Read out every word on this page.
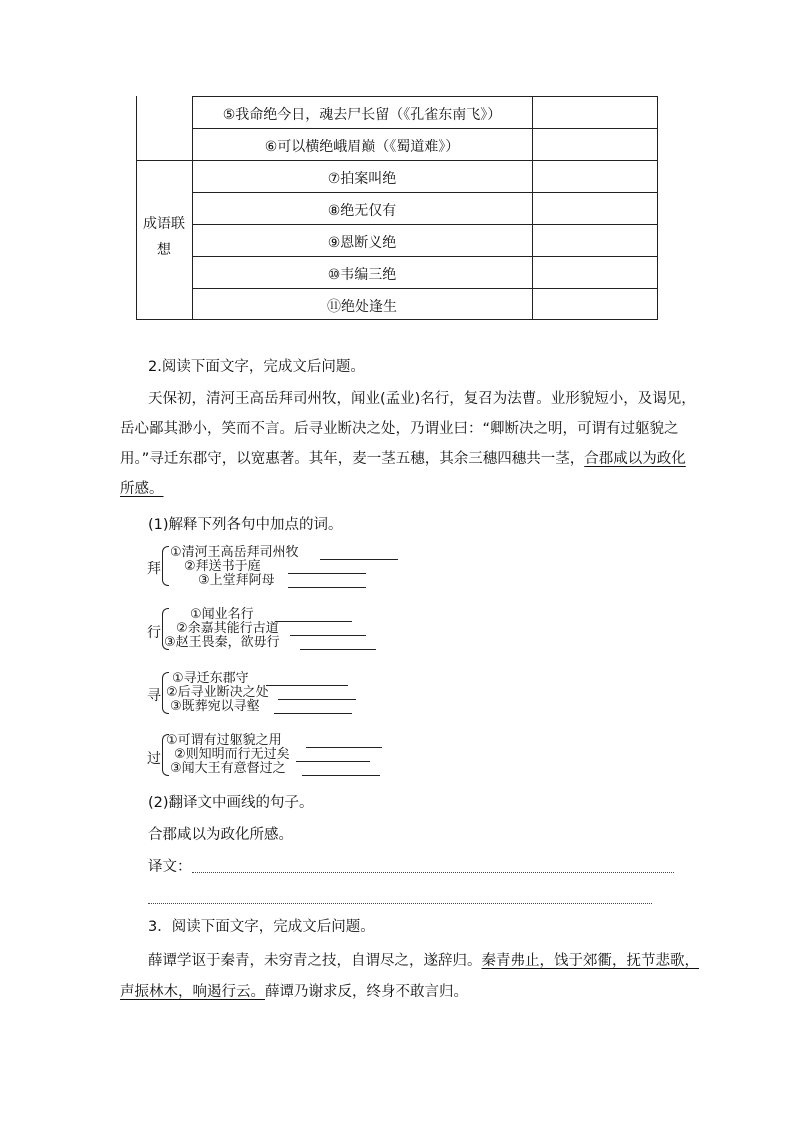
⑤我命绝今日，魂去尸长留（《孔雀东南飞》）
⑥可以横绝峨眉巅（《蜀道难》）
成语联
想
⑦拍案叫绝
⑧绝无仅有
⑨恩断义绝
⑩韦编三绝
⑪绝处逢生
2.阅读下面文字，完成文后问题。
天保初，清河王高岳拜司州牧，闻业(孟业)名行，复召为法曹。业形貌短小，及谒见，
岳心鄙其渺小，笑而不言。后寻业断决之处，乃谓业曰：“卿断决之明，可谓有过躯貌之
用。”寻迁东郡守，以宽惠著。其年，麦一茎五穗，其余三穗四穗共一茎，合郡咸以为政化
所感。
(1)解释下列各句中加点的词。
拜
①清河王高岳拜司州牧
②拜送书于庭
③上堂拜阿母
行
①闻业名行
②余嘉其能行古道
③赵王畏秦，欲毋行
寻
①寻迁东郡守
②后寻业断决之处
③既葬宛以寻壑
过
①可谓有过躯貌之用
②则知明而行无过矣
③闻大王有意督过之
(2)翻译文中画线的句子。
合郡咸以为政化所感。
译文：
3．阅读下面文字，完成文后问题。
薛谭学讴于秦青，未穷青之技，自谓尽之，遂辞归。秦青弗止，饯于郊衢，抚节悲歌，
声振林木，响遏行云。薛谭乃谢求反，终身不敢言归。
